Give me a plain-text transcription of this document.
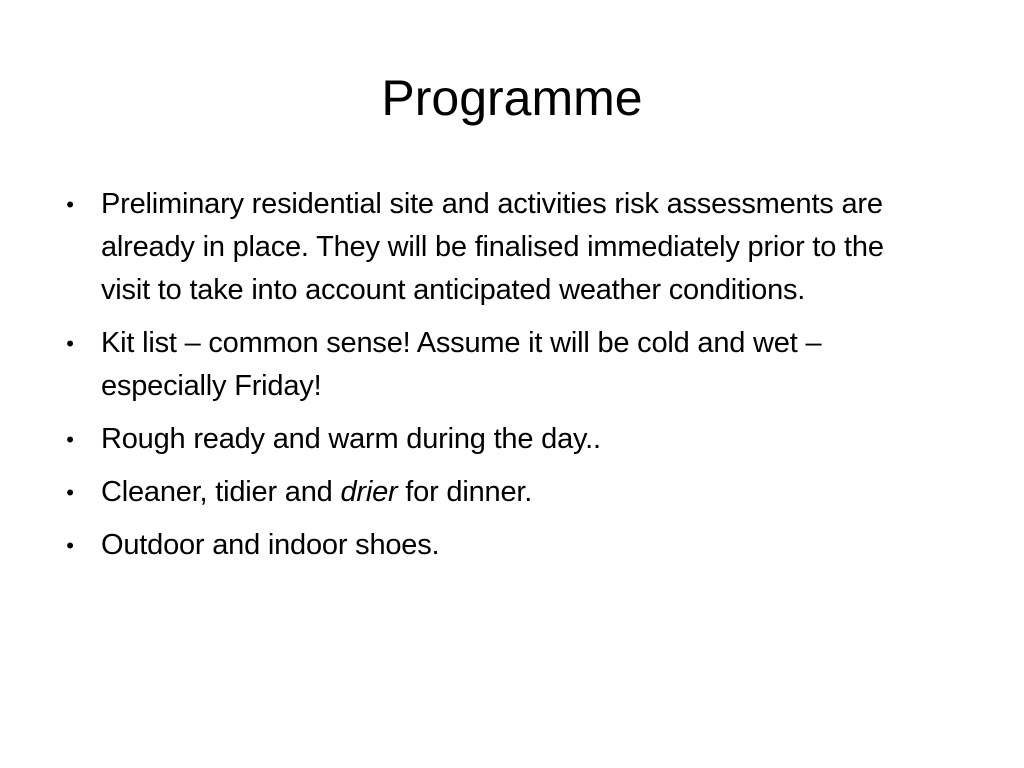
Programme
• Preliminary residential site and activities risk assessments are already in place. They will be finalised immediately prior to the visit to take into account anticipated weather conditions.
• Kit list – common sense! Assume it will be cold and wet – especially Friday!
• Rough ready and warm during the day..
• Cleaner, tidier and drier for dinner.
• Outdoor and indoor shoes.
